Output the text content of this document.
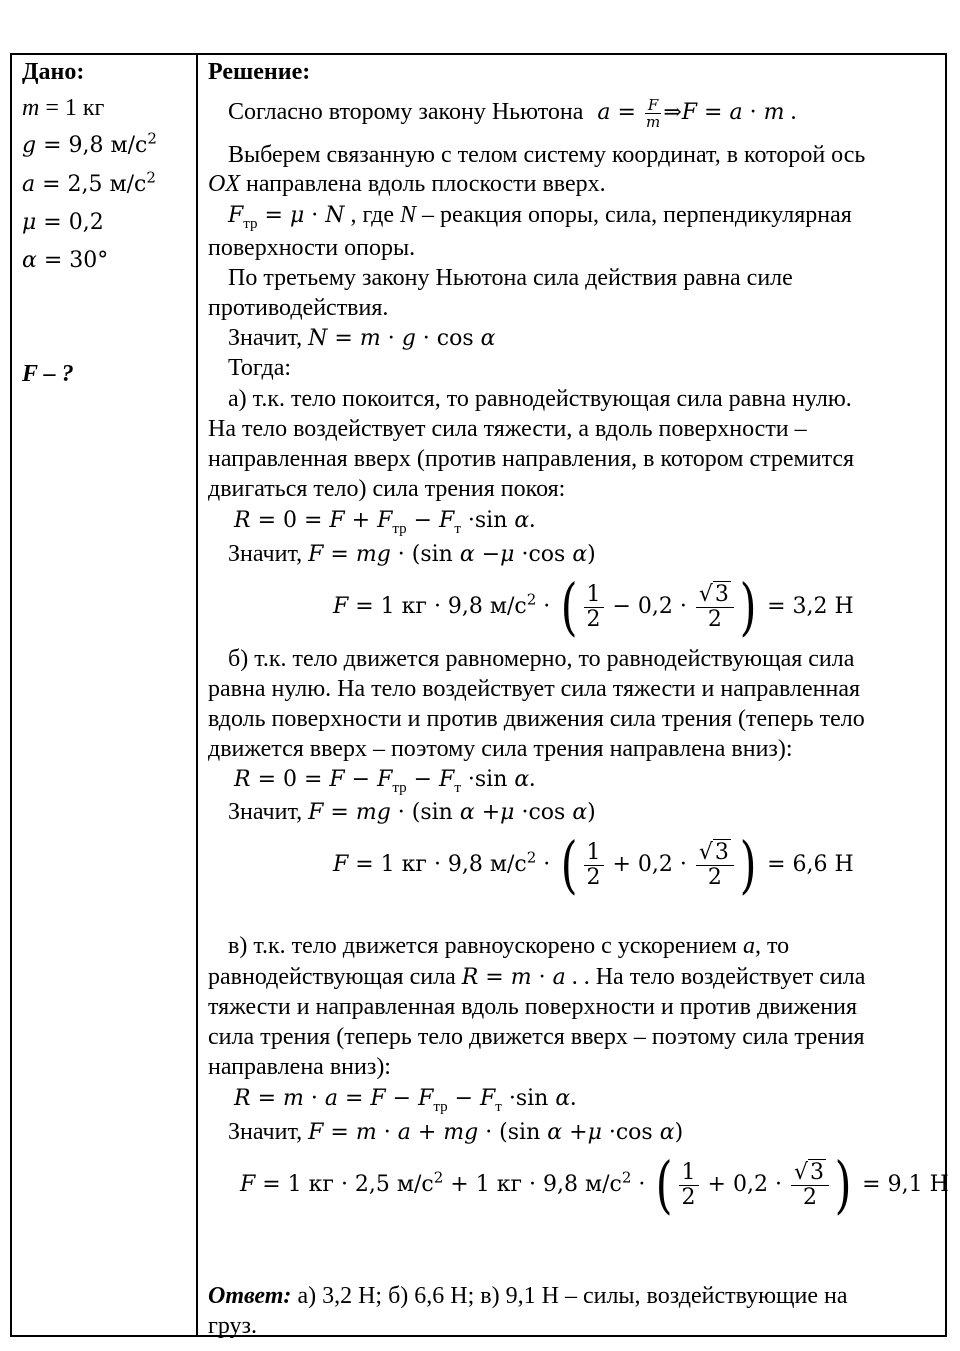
Дано:
m = 1 кг
g = 9,8 $м/с^2$
a = 2,5 $м/с^2$
μ = 0,2
α = 30°
F – ?
Решение:
Согласно второму закону Ньютона $a = \frac{F}{m}$ ⇒F = a · m .
Выберем связанную с телом систему координат, в которой ось
OX направлена вдоль плоскости вверх.
$F_{тр} = \mu \cdot N$ , где N – реакция опоры, сила, перпендикулярная
поверхности опоры.
По третьему закону Ньютона сила действия равна силе
противодействия.
Значит, N = m · g · cos α
Тогда:
а) т.к. тело покоится, то равнодействующая сила равна нулю.
На тело воздействует сила тяжести, а вдоль поверхности –
направленная вверх (против направления, в котором стремится
двигаться тело) сила трения покоя:
$R = 0 = F + F_{тр} - F_т \cdot\sin$ α.
Значит, F = mg · (sin α −μ ·cos α)
F = 1 кг · 9,8 $м/с^2$ · ( $\frac{1}{2} - 0,2 \cdot \frac{√3}{2}$ ) = 3,2 Н
б) т.к. тело движется равномерно, то равнодействующая сила
равна нулю. На тело воздействует сила тяжести и направленная
вдоль поверхности и против движения сила трения (теперь тело
движется вверх – поэтому сила трения направлена вниз):
$R = 0 = F - F_{тр} - F_т \cdot\sin$ α.
Значит, F = mg · (sin α +μ ·cos α)
F = 1 кг · 9,8 $м/с^2$ · ( $\frac{1}{2} + 0,2 \cdot \frac{√3}{2}$ ) = 6,6 Н
в) т.к. тело движется равноускорено с ускорением a, то
равнодействующая сила R = m · a . . На тело воздействует сила
тяжести и направленная вдоль поверхности и против движения
сила трения (теперь тело движется вверх – поэтому сила трения
направлена вниз):
$R = m \cdot a = F - F_{тр} - F_т \cdot\sin$ α.
Значит, F = m · a + mg · (sin α +μ ·cos α)
F = 1 кг · 2,5 $м/с^2 + 1$ кг · 9,8 $м/с^2$ · ( $\frac{1}{2} + 0,2 \cdot \frac{√3}{2}$ ) = 9,1 Н
Ответ: а) 3,2 Н; б) 6,6 Н; в) 9,1 Н – силы, воздействующие на
груз.
